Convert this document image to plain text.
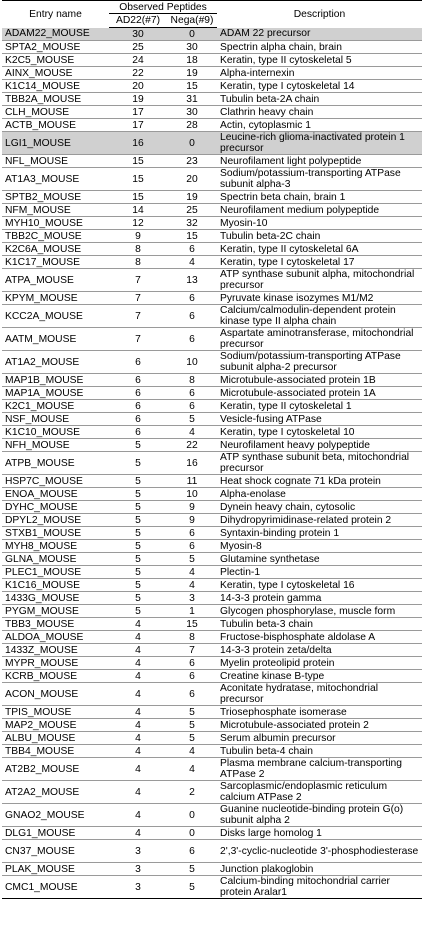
Entry name	Observed Peptides		Description
	AD22(#7)	Nega(#9)	
ADAM22_MOUSE	30	0	ADAM 22 precursor
SPTA2_MOUSE	25	30	Spectrin alpha chain, brain
K2C5_MOUSE	24	18	Keratin, type II cytoskeletal 5
AINX_MOUSE	22	19	Alpha-internexin
K1C14_MOUSE	20	15	Keratin, type I cytoskeletal 14
TBB2A_MOUSE	19	31	Tubulin beta-2A chain
CLH_MOUSE	17	30	Clathrin heavy chain
ACTB_MOUSE	17	28	Actin, cytoplasmic 1
LGI1_MOUSE	16	0	Leucine-rich glioma-inactivated protein 1 precursor
NFL_MOUSE	15	23	Neurofilament light polypeptide
AT1A3_MOUSE	15	20	Sodium/potassium-transporting ATPase subunit alpha-3
SPTB2_MOUSE	15	19	Spectrin beta chain, brain 1
NFM_MOUSE	14	25	Neurofilament medium polypeptide
MYH10_MOUSE	12	32	Myosin-10
TBB2C_MOUSE	9	15	Tubulin beta-2C chain
K2C6A_MOUSE	8	6	Keratin, type II cytoskeletal 6A
K1C17_MOUSE	8	4	Keratin, type I cytoskeletal 17
ATPA_MOUSE	7	13	ATP synthase subunit alpha, mitochondrial precursor
KPYM_MOUSE	7	6	Pyruvate kinase isozymes M1/M2
KCC2A_MOUSE	7	6	Calcium/calmodulin-dependent protein kinase type II alpha chain
AATM_MOUSE	7	6	Aspartate aminotransferase, mitochondrial precursor
AT1A2_MOUSE	6	10	Sodium/potassium-transporting ATPase subunit alpha-2 precursor
MAP1B_MOUSE	6	8	Microtubule-associated protein 1B
MAP1A_MOUSE	6	6	Microtubule-associated protein 1A
K2C1_MOUSE	6	6	Keratin, type II cytoskeletal 1
NSF_MOUSE	6	5	Vesicle-fusing ATPase
K1C10_MOUSE	6	4	Keratin, type I cytoskeletal 10
NFH_MOUSE	5	22	Neurofilament heavy polypeptide
ATPB_MOUSE	5	16	ATP synthase subunit beta, mitochondrial precursor
HSP7C_MOUSE	5	11	Heat shock cognate 71 kDa protein
ENOA_MOUSE	5	10	Alpha-enolase
DYHC_MOUSE	5	9	Dynein heavy chain, cytosolic
DPYL2_MOUSE	5	9	Dihydropyrimidinase-related protein 2
STXB1_MOUSE	5	6	Syntaxin-binding protein 1
MYH8_MOUSE	5	6	Myosin-8
GLNA_MOUSE	5	5	Glutamine synthetase
PLEC1_MOUSE	5	4	Plectin-1
K1C16_MOUSE	5	4	Keratin, type I cytoskeletal 16
1433G_MOUSE	5	3	14-3-3 protein gamma
PYGM_MOUSE	5	1	Glycogen phosphorylase, muscle form
TBB3_MOUSE	4	15	Tubulin beta-3 chain
ALDOA_MOUSE	4	8	Fructose-bisphosphate aldolase A
1433Z_MOUSE	4	7	14-3-3 protein zeta/delta
MYPR_MOUSE	4	6	Myelin proteolipid protein
KCRB_MOUSE	4	6	Creatine kinase B-type
ACON_MOUSE	4	6	Aconitate hydratase, mitochondrial precursor
TPIS_MOUSE	4	5	Triosephosphate isomerase
MAP2_MOUSE	4	5	Microtubule-associated protein 2
ALBU_MOUSE	4	5	Serum albumin precursor
TBB4_MOUSE	4	4	Tubulin beta-4 chain
AT2B2_MOUSE	4	4	Plasma membrane calcium-transporting ATPase 2
AT2A2_MOUSE	4	2	Sarcoplasmic/endoplasmic reticulum calcium ATPase 2
GNAO2_MOUSE	4	0	Guanine nucleotide-binding protein G(o) subunit alpha 2
DLG1_MOUSE	4	0	Disks large homolog 1
CN37_MOUSE	3	6	2',3'-cyclic-nucleotide 3'-phosphodiesterase
PLAK_MOUSE	3	5	Junction plakoglobin
CMC1_MOUSE	3	5	Calcium-binding mitochondrial carrier protein Aralar1
